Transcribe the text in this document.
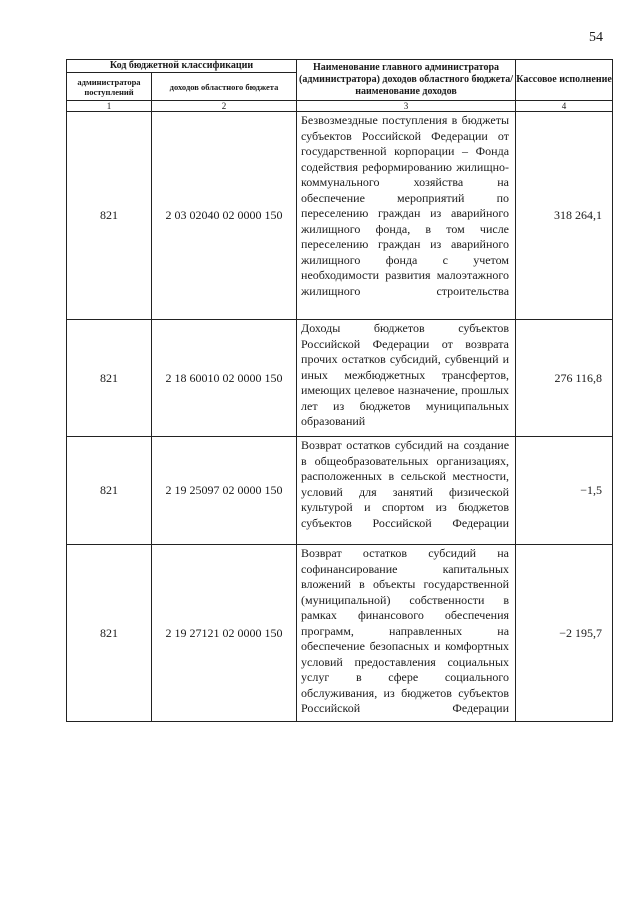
54
Код бюджетной классификации		Наименование главного администратора (администратора) доходов областного бюджета/ наименование доходов	Кассовое исполнение
администратора поступлений	доходов областного бюджета		
1	2	3	4
821	2 03 02040 02 0000 150	Безвозмездные поступления в бюджеты субъектов Российской Федерации от государственной корпорации – Фонда содействия реформированию жилищно-коммунального хозяйства на обеспечение мероприятий по переселению граждан из аварийного жилищного фонда, в том числе переселению граждан из аварийного жилищного фонда с учетом необходимости развития малоэтажного жилищного строительства	318 264,1
821	2 18 60010 02 0000 150	Доходы бюджетов субъектов Российской Федерации от возврата прочих остатков субсидий, субвенций и иных межбюджетных трансфертов, имеющих целевое назначение, прошлых лет из бюджетов муниципальных образований	276 116,8
821	2 19 25097 02 0000 150	Возврат остатков субсидий на создание в общеобразовательных организациях, расположенных в сельской местности, условий для занятий физической культурой и спортом из бюджетов субъектов Российской Федерации	−1,5
821	2 19 27121 02 0000 150	Возврат остатков субсидий на софинансирование капитальных вложений в объекты государственной (муниципальной) собственности в рамках финансового обеспечения программ, направленных на обеспечение безопасных и комфортных условий предоставления социальных услуг в сфере социального обслуживания, из бюджетов субъектов Российской Федерации	−2 195,7
